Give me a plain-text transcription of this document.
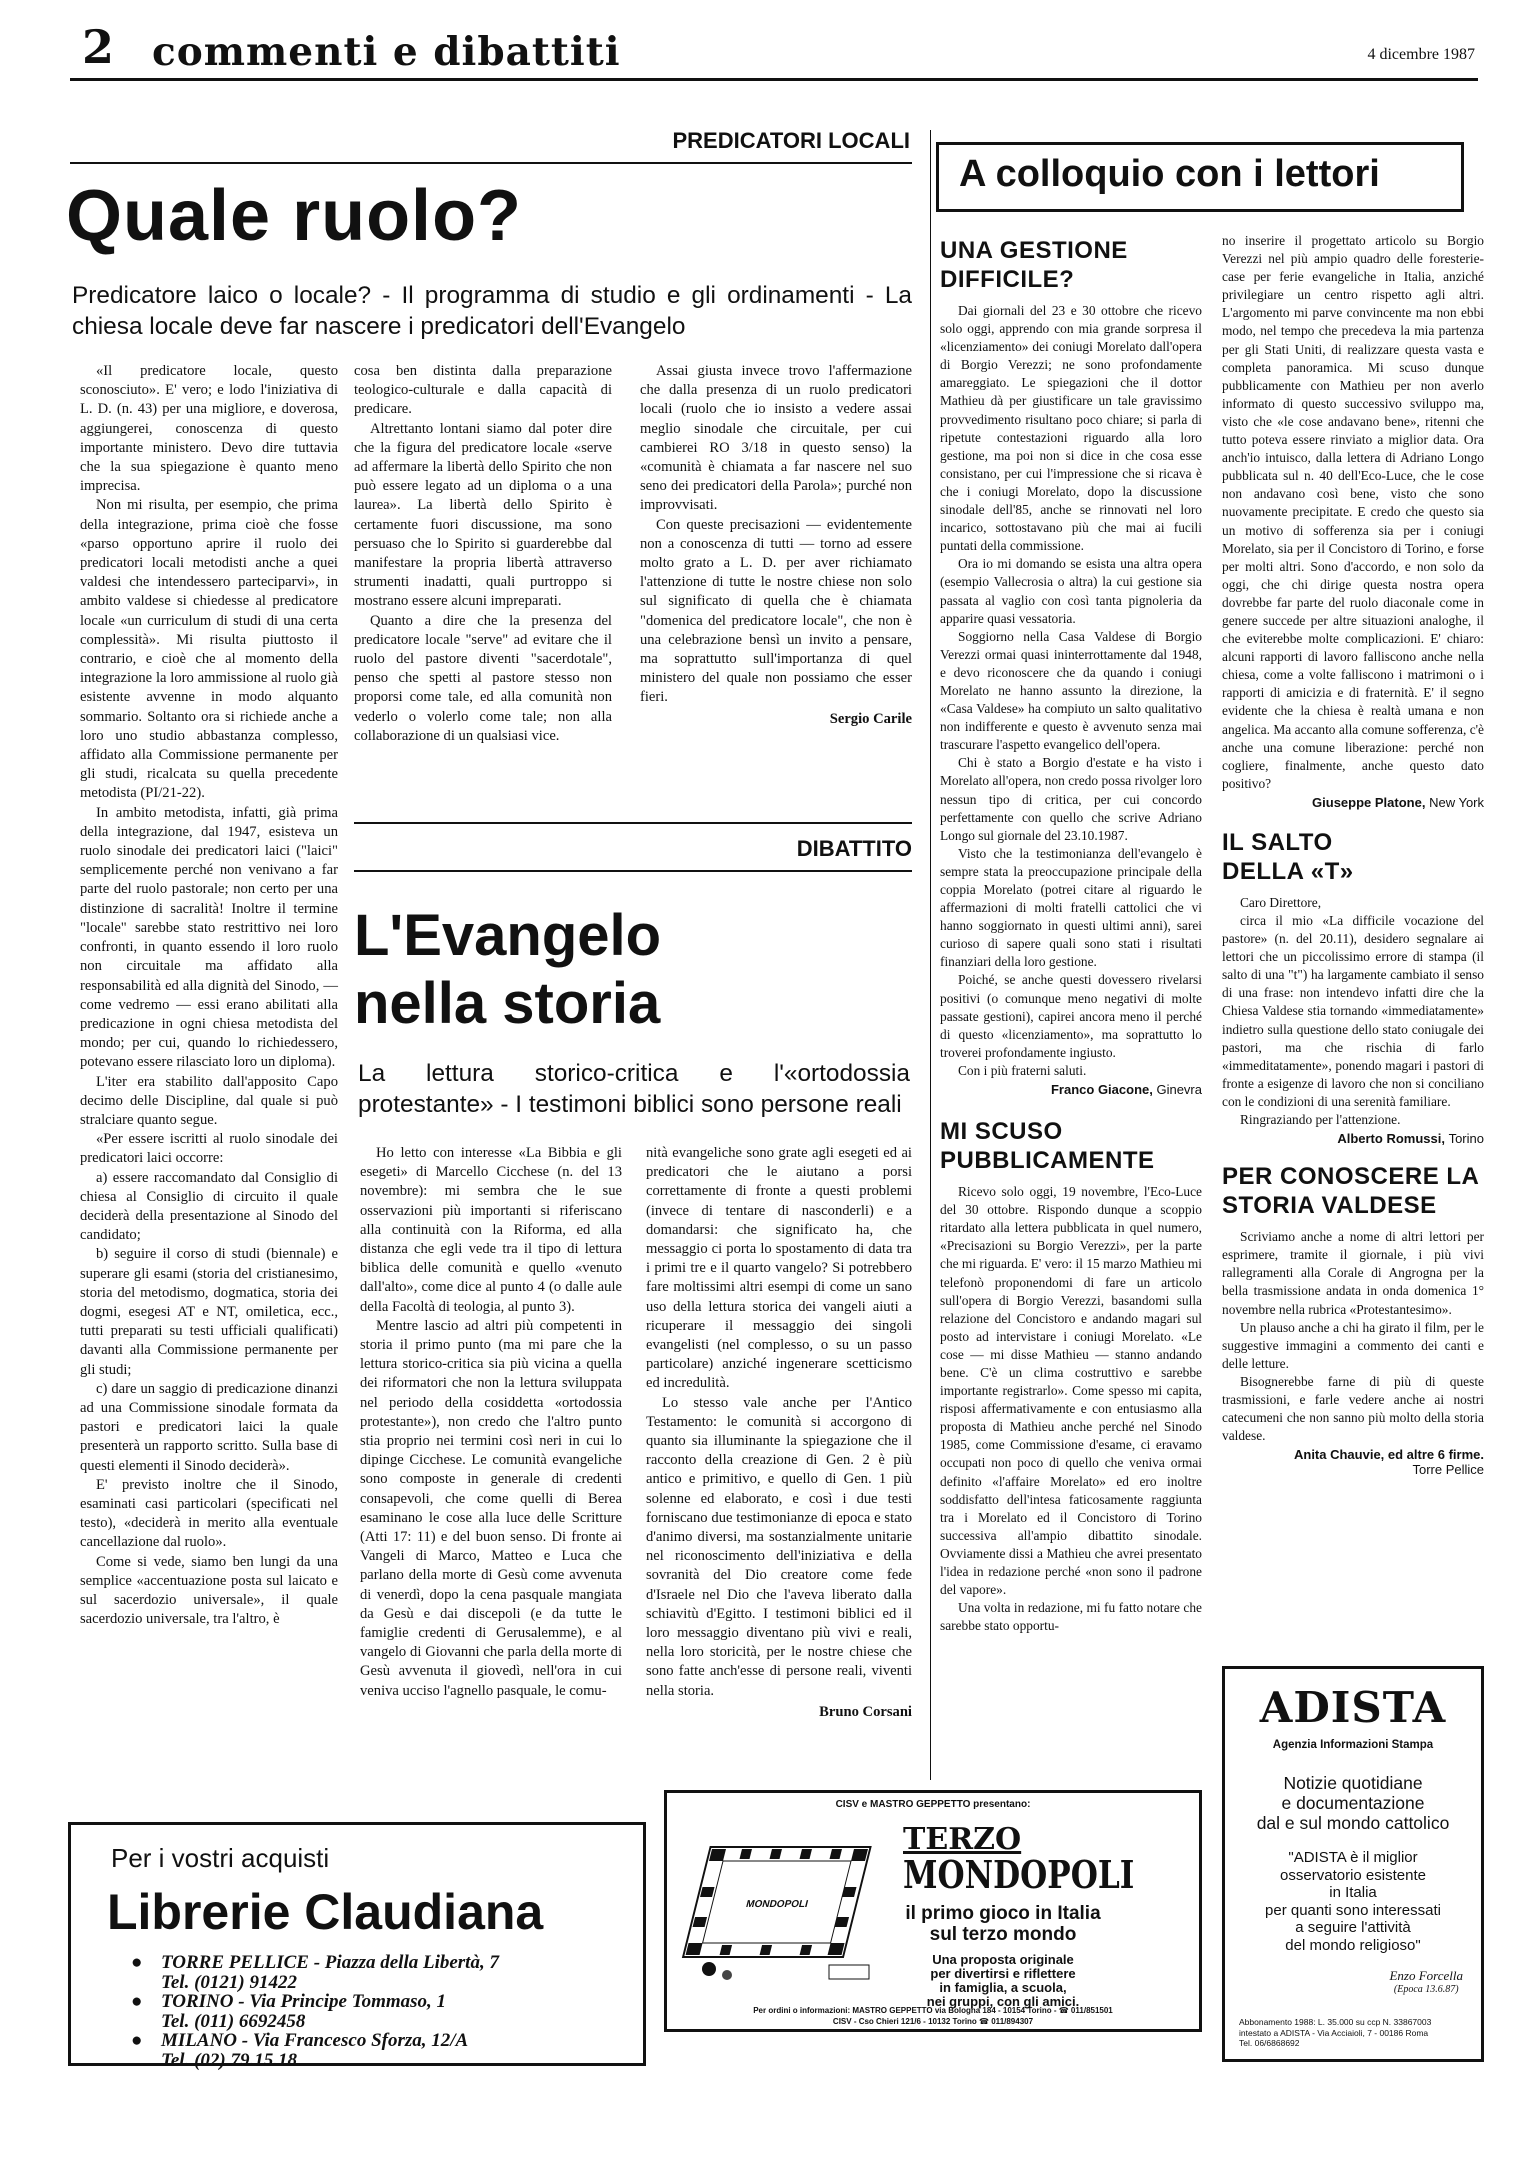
2 commenti e dibattiti	4 dicembre 1987
PREDICATORI LOCALI
Quale ruolo?
Predicatore laico o locale? - Il programma di studio e gli ordinamenti - La chiesa locale deve far nascere i predicatori dell'Evangelo

«Il predicatore locale, questo sconosciuto». E' vero; e lodo l'iniziativa di L. D. (n. 43) per una migliore, e doverosa, aggiungerei, conoscenza di questo importante ministero. Devo dire tuttavia che la sua spiegazione è quanto meno imprecisa.

Non mi risulta, per esempio, che prima della integrazione, prima cioè che fosse «parso opportuno aprire il ruolo dei predicatori locali metodisti anche a quei valdesi che intendessero parteciparvi», in ambito valdese si chiedesse al predicatore locale «un curriculum di studi di una certa complessità». Mi risulta piuttosto il contrario, e cioè che al momento della integrazione la loro ammissione al ruolo già esistente avvenne in modo alquanto sommario. Soltanto ora si richiede anche a loro uno studio abbastanza complesso, affidato alla Commissione permanente per gli studi, ricalcata su quella precedente metodista (PI/21-22).

In ambito metodista, infatti, già prima della integrazione, dal 1947, esisteva un ruolo sinodale dei predicatori laici ("laici" semplicemente perché non venivano a far parte del ruolo pastorale; non certo per una distinzione di sacralità! Inoltre il termine "locale" sarebbe stato restrittivo nei loro confronti, in quanto essendo il loro ruolo non circuitale ma affidato alla responsabilità ed alla dignità del Sinodo, — come vedremo — essi erano abilitati alla predicazione in ogni chiesa metodista del mondo; per cui, quando lo richiedessero, potevano essere rilasciato loro un diploma).

L'iter era stabilito dall'apposito Capo decimo delle Discipline, dal quale si può stralciare quanto segue.

«Per essere iscritti al ruolo sinodale dei predicatori laici occorre:

a) essere raccomandato dal Consiglio di chiesa al Consiglio di circuito il quale deciderà della presentazione al Sinodo del candidato;

b) seguire il corso di studi (biennale) e superare gli esami (storia del cristianesimo, storia del metodismo, dogmatica, storia dei dogmi, esegesi AT e NT, omiletica, ecc., tutti preparati su testi ufficiali qualificati) davanti alla Commissione permanente per gli studi;

c) dare un saggio di predicazione dinanzi ad una Commissione sinodale formata da pastori e predicatori laici la quale presenterà un rapporto scritto. Sulla base di questi elementi il Sinodo deciderà».

E' previsto inoltre che il Sinodo, esaminati casi particolari (specificati nel testo), «deciderà in merito alla eventuale cancellazione dal ruolo».

Come si vede, siamo ben lungi da una semplice «accentuazione posta sul laicato e sul sacerdozio universale», il quale sacerdozio universale, tra l'altro, è

cosa ben distinta dalla preparazione teologico-culturale e dalla capacità di predicare.

Altrettanto lontani siamo dal poter dire che la figura del predicatore locale «serve ad affermare la libertà dello Spirito che non può essere legato ad un diploma o a una laurea». La libertà dello Spirito è certamente fuori discussione, ma sono persuaso che lo Spirito si guarderebbe dal manifestare la propria libertà attraverso strumenti inadatti, quali purtroppo si mostrano essere alcuni impreparati.

Quanto a dire che la presenza del predicatore locale "serve" ad evitare che il ruolo del pastore diventi "sacerdotale", penso che spetti al pastore stesso non proporsi come tale, ed alla comunità non vederlo o volerlo come tale; non alla collaborazione di un qualsiasi vice.

Assai giusta invece trovo l'affermazione che dalla presenza di un ruolo predicatori locali (ruolo che io insisto a vedere assai meglio sinodale che circuitale, per cui cambierei RO 3/18 in questo senso) la «comunità è chiamata a far nascere nel suo seno dei predicatori della Parola»; purché non improvvisati.

Con queste precisazioni — evidentemente non a conoscenza di tutti — torno ad essere molto grato a L. D. per aver richiamato l'attenzione di tutte le nostre chiese non solo sul significato di quella che è chiamata "domenica del predicatore locale", che non è una celebrazione bensì un invito a pensare, ma soprattutto sull'importanza di quel ministero del quale non possiamo che esser fieri.

Sergio Carile
DIBATTITO
L'Evangelo
nella storia
La lettura storico-critica e l'«ortodossia protestante» - I testimoni biblici sono persone reali

Ho letto con interesse «La Bibbia e gli esegeti» di Marcello Cicchese (n. del 13 novembre): mi sembra che le sue osservazioni più importanti si riferiscano alla continuità con la Riforma, ed alla distanza che egli vede tra il tipo di lettura biblica delle comunità e quello «venuto dall'alto», come dice al punto 4 (o dalle aule della Facoltà di teologia, al punto 3).

Mentre lascio ad altri più competenti in storia il primo punto (ma mi pare che la lettura storico-critica sia più vicina a quella dei riformatori che non la lettura sviluppata nel periodo della cosiddetta «ortodossia protestante»), non credo che l'altro punto stia proprio nei termini così neri in cui lo dipinge Cicchese. Le comunità evangeliche sono composte in generale di credenti consapevoli, che come quelli di Berea esaminano le cose alla luce delle Scritture (Atti 17: 11) e del buon senso. Di fronte ai Vangeli di Marco, Matteo e Luca che parlano della morte di Gesù come avvenuta di venerdì, dopo la cena pasquale mangiata da Gesù e dai discepoli (e da tutte le famiglie credenti di Gerusalemme), e al vangelo di Giovanni che parla della morte di Gesù avvenuta il giovedì, nell'ora in cui veniva ucciso l'agnello pasquale, le comu-

nità evangeliche sono grate agli esegeti ed ai predicatori che le aiutano a porsi correttamente di fronte a questi problemi (invece di tentare di nasconderli) e a domandarsi: che significato ha, che messaggio ci porta lo spostamento di data tra i primi tre e il quarto vangelo? Si potrebbero fare moltissimi altri esempi di come un sano uso della lettura storica dei vangeli aiuti a ricuperare il messaggio dei singoli evangelisti (nel complesso, o su un passo particolare) anziché ingenerare scetticismo ed incredulità.

Lo stesso vale anche per l'Antico Testamento: le comunità si accorgono di quanto sia illuminante la spiegazione che il racconto della creazione di Gen. 2 è più antico e primitivo, e quello di Gen. 1 più solenne ed elaborato, e così i due testi forniscano due testimonianze di epoca e stato d'animo diversi, ma sostanzialmente unitarie nel riconoscimento dell'iniziativa e della sovranità del Dio creatore come fede d'Israele nel Dio che l'aveva liberato dalla schiavitù d'Egitto. I testimoni biblici ed il loro messaggio diventano più vivi e reali, nella loro storicità, per le nostre chiese che sono fatte anch'esse di persone reali, viventi nella storia.

Bruno Corsani
A colloquio con i lettori
UNA GESTIONE DIFFICILE?

Dai giornali del 23 e 30 ottobre che ricevo solo oggi, apprendo con mia grande sorpresa il «licenziamento» dei coniugi Morelato dall'opera di Borgio Verezzi; ne sono profondamente amareggiato. Le spiegazioni che il dottor Mathieu dà per giustificare un tale gravissimo provvedimento risultano poco chiare; si parla di ripetute contestazioni riguardo alla loro gestione, ma poi non si dice in che cosa esse consistano, per cui l'impressione che si ricava è che i coniugi Morelato, dopo la discussione sinodale dell'85, anche se rinnovati nel loro incarico, sottostavano più che mai ai fucili puntati della commissione.

Ora io mi domando se esista una altra opera (esempio Vallecrosia o altra) la cui gestione sia passata al vaglio con così tanta pignoleria da apparire quasi vessatoria.

Soggiorno nella Casa Valdese di Borgio Verezzi ormai quasi ininterrottamente dal 1948, e devo riconoscere che da quando i coniugi Morelato ne hanno assunto la direzione, la «Casa Valdese» ha compiuto un salto qualitativo non indifferente e questo è avvenuto senza mai trascurare l'aspetto evangelico dell'opera.

Chi è stato a Borgio d'estate e ha visto i Morelato all'opera, non credo possa rivolger loro nessun tipo di critica, per cui concordo perfettamente con quello che scrive Adriano Longo sul giornale del 23.10.1987.

Visto che la testimonianza dell'evangelo è sempre stata la preoccupazione principale della coppia Morelato (potrei citare al riguardo le affermazioni di molti fratelli cattolici che vi hanno soggiornato in questi ultimi anni), sarei curioso di sapere quali sono stati i risultati finanziari della loro gestione.

Poiché, se anche questi dovessero rivelarsi positivi (o comunque meno negativi di molte passate gestioni), capirei ancora meno il perché di questo «licenziamento», ma soprattutto lo troverei profondamente ingiusto.

Con i più fraterni saluti.

Franco Giacone, Ginevra
MI SCUSO PUBBLICAMENTE

Ricevo solo oggi, 19 novembre, l'Eco-Luce del 30 ottobre. Rispondo dunque a scoppio ritardato alla lettera pubblicata in quel numero, «Precisazioni su Borgio Verezzi», per la parte che mi riguarda. E' vero: il 15 marzo Mathieu mi telefonò proponendomi di fare un articolo sull'opera di Borgio Verezzi, basandomi sulla relazione del Concistoro e andando magari sul posto ad intervistare i coniugi Morelato. «Le cose — mi disse Mathieu — stanno andando bene. C'è un clima costruttivo e sarebbe importante registrarlo». Come spesso mi capita, risposi affermativamente e con entusiasmo alla proposta di Mathieu anche perché nel Sinodo 1985, come Commissione d'esame, ci eravamo occupati non poco di quello che veniva ormai definito «l'affaire Morelato» ed ero inoltre soddisfatto dell'intesa faticosamente raggiunta tra i Morelato ed il Concistoro di Torino successiva all'ampio dibattito sinodale. Ovviamente dissi a Mathieu che avrei presentato l'idea in redazione perché «non sono il padrone del vapore».

Una volta in redazione, mi fu fatto notare che sarebbe stato opportu-

no inserire il progettato articolo su Borgio Verezzi nel più ampio quadro delle foresterie-case per ferie evangeliche in Italia, anziché privilegiare un centro rispetto agli altri. L'argomento mi parve convincente ma non ebbi modo, nel tempo che precedeva la mia partenza per gli Stati Uniti, di realizzare questa vasta e completa panoramica. Mi scuso dunque pubblicamente con Mathieu per non averlo informato di questo successivo sviluppo ma, visto che «le cose andavano bene», ritenni che tutto poteva essere rinviato a miglior data. Ora anch'io intuisco, dalla lettera di Adriano Longo pubblicata sul n. 40 dell'Eco-Luce, che le cose non andavano così bene, visto che sono nuovamente precipitate. E credo che questo sia un motivo di sofferenza sia per i coniugi Morelato, sia per il Concistoro di Torino, e forse per molti altri. Sono d'accordo, e non solo da oggi, che chi dirige questa nostra opera dovrebbe far parte del ruolo diaconale come in genere succede per altre situazioni analoghe, il che eviterebbe molte complicazioni. E' chiaro: alcuni rapporti di lavoro falliscono anche nella chiesa, come a volte falliscono i matrimoni o i rapporti di amicizia e di fraternità. E' il segno evidente che la chiesa è realtà umana e non angelica. Ma accanto alla comune sofferenza, c'è anche una comune liberazione: perché non cogliere, finalmente, anche questo dato positivo?

Giuseppe Platone, New York
IL SALTO DELLA «T»

Caro Direttore,

circa il mio «La difficile vocazione del pastore» (n. del 20.11), desidero segnalare ai lettori che un piccolissimo errore di stampa (il salto di una "t") ha largamente cambiato il senso di una frase: non intendevo infatti dire che la Chiesa Valdese stia tornando «immediatamente» indietro sulla questione dello stato coniugale dei pastori, ma che rischia di farlo «immeditatamente», ponendo magari i pastori di fronte a esigenze di lavoro che non si conciliano con le condizioni di una serenità familiare.

Ringraziando per l'attenzione.

Alberto Romussi, Torino
PER CONOSCERE LA STORIA VALDESE

Scriviamo anche a nome di altri lettori per esprimere, tramite il giornale, i più vivi rallegramenti alla Corale di Angrogna per la bella trasmissione andata in onda domenica 1° novembre nella rubrica «Protestantesimo».

Un plauso anche a chi ha girato il film, per le suggestive immagini a commento dei canti e delle letture.

Bisognerebbe farne di più di queste trasmissioni, e farle vedere anche ai nostri catecumeni che non sanno più molto della storia valdese.

Anita Chauvie, ed altre 6 firme.
Torre Pellice
Per i vostri acquisti
Librerie Claudiana
● TORRE PELLICE - Piazza della Libertà, 7
Tel. (0121) 91422
● TORINO - Via Principe Tommaso, 1
Tel. (011) 6692458
● MILANO - Via Francesco Sforza, 12/A
Tel. (02) 79.15.18
CISV e MASTRO GEPPETTO presentano:
MONDOPOLI
TERZO
MONDOPOLI
il primo gioco in Italia
sul terzo mondo
Una proposta originale
per divertirsi e riflettere
in famiglia, a scuola,
nei gruppi, con gli amici.
Per ordini o informazioni: MASTRO GEPPETTO via Bologna 184 - 10154 Torino - ☎ 011/851501
CISV - Cso Chieri 121/6 - 10132 Torino ☎ 011/894307
ADISTA
Agenzia Informazioni Stampa
Notizie quotidiane
e documentazione
dal e sul mondo cattolico
"ADISTA è il miglior
osservatorio esistente
in Italia
per quanti sono interessati
a seguire l'attività
del mondo religioso"
Enzo Forcella
(Epoca 13.6.87)
Abbonamento 1988: L. 35.000 su ccp N. 33867003
intestato a ADISTA - Via Acciaioli, 7 - 00186 Roma
Tel. 06/6868692
